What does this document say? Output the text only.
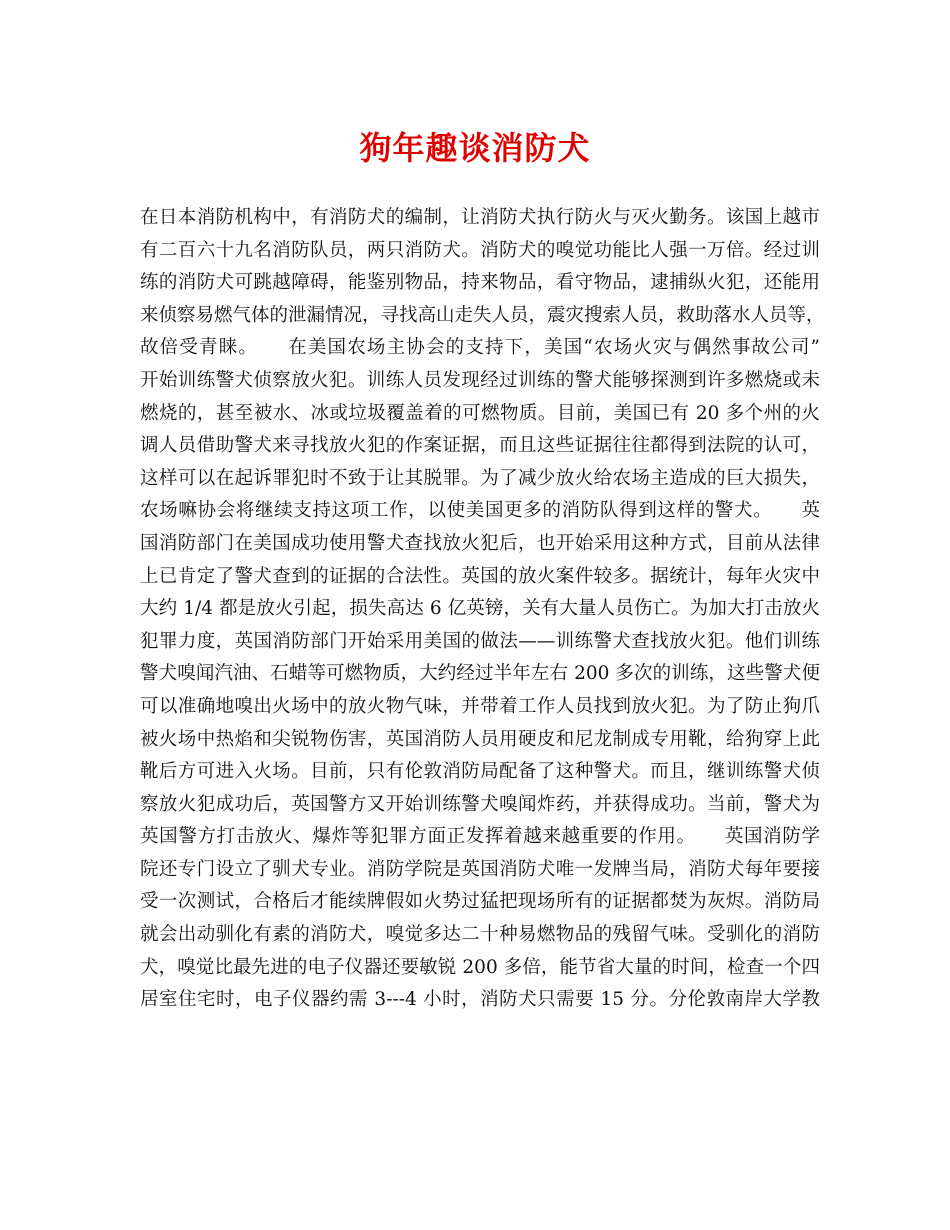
狗年趣谈消防犬
在日本消防机构中，有消防犬的编制，让消防犬执行防火与灭火勤务。该国上越市
有二百六十九名消防队员，两只消防犬。消防犬的嗅觉功能比人强一万倍。经过训
练的消防犬可跳越障碍，能鉴别物品，持来物品，看守物品，逮捕纵火犯，还能用
来侦察易燃气体的泄漏情况，寻找高山走失人员，震灾搜索人员，救助落水人员等，
故倍受青睐。　　在美国农场主协会的支持下，美国“农场火灾与偶然事故公司”
开始训练警犬侦察放火犯。训练人员发现经过训练的警犬能够探测到许多燃烧或未
燃烧的，甚至被水、冰或垃圾覆盖着的可燃物质。目前，美国已有 20 多个州的火
调人员借助警犬来寻找放火犯的作案证据，而且这些证据往往都得到法院的认可，
这样可以在起诉罪犯时不致于让其脱罪。为了减少放火给农场主造成的巨大损失，
农场嘛协会将继续支持这项工作，以使美国更多的消防队得到这样的警犬。　　英
国消防部门在美国成功使用警犬查找放火犯后，也开始采用这种方式，目前从法律
上已肯定了警犬查到的证据的合法性。英国的放火案件较多。据统计，每年火灾中
大约 1/4 都是放火引起，损失高达 6 亿英镑，关有大量人员伤亡。为加大打击放火
犯罪力度，英国消防部门开始采用美国的做法——训练警犬查找放火犯。他们训练
警犬嗅闻汽油、石蜡等可燃物质，大约经过半年左右 200 多次的训练，这些警犬便
可以准确地嗅出火场中的放火物气味，并带着工作人员找到放火犯。为了防止狗爪
被火场中热焰和尖锐物伤害，英国消防人员用硬皮和尼龙制成专用靴，给狗穿上此
靴后方可进入火场。目前，只有伦敦消防局配备了这种警犬。而且，继训练警犬侦
察放火犯成功后，英国警方又开始训练警犬嗅闻炸药，并获得成功。当前，警犬为
英国警方打击放火、爆炸等犯罪方面正发挥着越来越重要的作用。　　英国消防学
院还专门设立了驯犬专业。消防学院是英国消防犬唯一发牌当局，消防犬每年要接
受一次测试，合格后才能续牌假如火势过猛把现场所有的证据都焚为灰烬。消防局
就会出动驯化有素的消防犬，嗅觉多达二十种易燃物品的残留气味。受驯化的消防
犬，嗅觉比最先进的电子仪器还要敏锐 200 多倍，能节省大量的时间，检查一个四
居室住宅时，电子仪器约需 3---4 小时，消防犬只需要 15 分。分伦敦南岸大学教
